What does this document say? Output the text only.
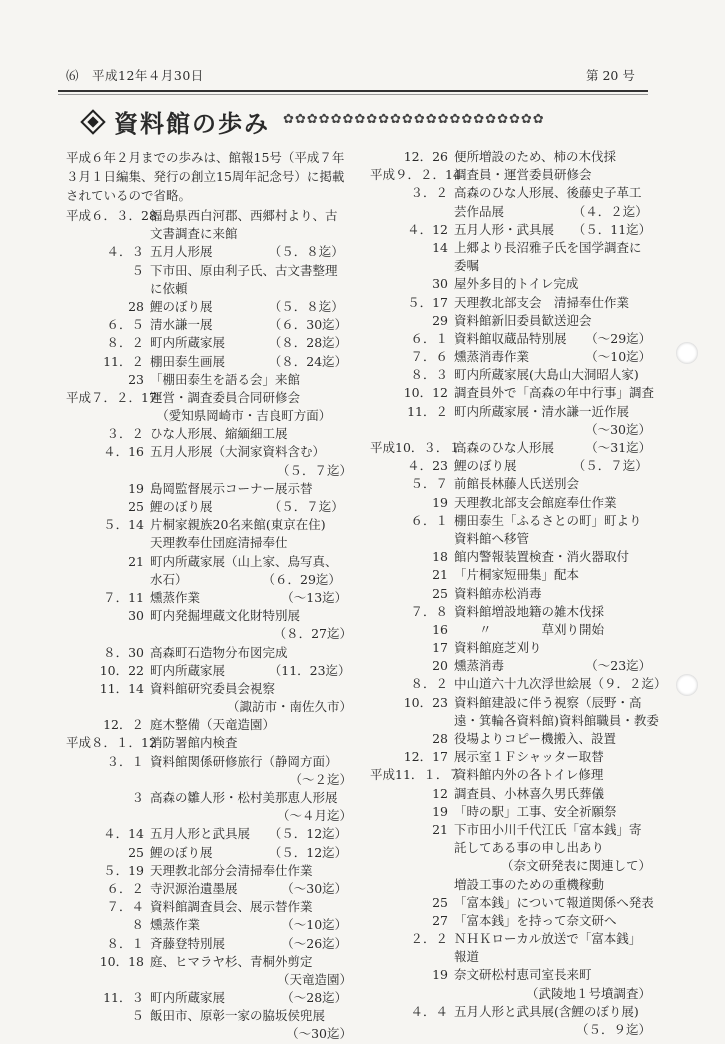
⑹　平成12年４月30日	第 20 号
資料館の歩み ✿✿✿✿✿✿✿✿✿✿✿✿✿✿✿✿✿✿✿✿✿✿

平成６年２月までの歩みは、館報15号（平成７年３月１日編集、発行の創立15周年記念号）に掲載されているので省略。

平成６．３．28
福島県西白河郡、西郷村より、古
文書調査に来館
４．３ 五月人形展　　　　　（５．８迄）
５ 下市田、原由利子氏、古文書整理
に依頼
28 鯉のぼり展　　　　　（５．８迄）
６．５ 清水謙一展　　　　　（６．30迄）
８．２ 町内所蔵家展　　　　（８．28迄）
11．２ 棚田泰生画展　　　　（８．24迄）
23 「棚田泰生を語る会」来館
平成７．２．17
運営・調査委員合同研修会
　（愛知県岡崎市・吉良町方面）
３．２ ひな人形展、縮緬細工展
４．16 五月人形展（大洞家資料含む）
（５．７迄）
19 島岡監督展示コーナー展示替
25 鯉のぼり展　　　　　（５．７迄）
５．14 片桐家親族20名来館(東京在住)
天理教奉仕団庭清掃奉仕
21 町内所蔵家展（山上家、鳥写真、
水石）　　　　　　　（６．29迄）
７．11 燻蒸作業　　　　　　　（～13迄）
30 町内発掘埋蔵文化財特別展
（８．27迄）
８．30 高森町石造物分布図完成
10．22 町内所蔵家展　　　　（11．23迄）
11．14 資料館研究委員会視察
（諏訪市・南佐久市）
12．２ 庭木整備（天竜造園）
平成８．１．12
消防署館内検査
３．１ 資料館関係研修旅行（静岡方面）
（～２迄）
３ 高森の雛人形・松村美那恵人形展
（～４月迄）
４．14 五月人形と武具展　　（５．12迄）
25 鯉のぼり展　　　　　（５．12迄）
５．19 天理教北部分会清掃奉仕作業
６．２ 寺沢源治遺墨展　　　　（～30迄）
７．４ 資料館調査員会、展示替作業
８ 燻蒸作業　　　　　　　（～10迄）
８．１ 斉藤登特別展　　　　　（～26迄）
10．18 庭、ヒマラヤ杉、青桐外剪定
（天竜造園）
11．３ 町内所蔵家展　　　　　（～28迄）
５ 飯田市、原彰一家の脇坂侯兜展
（～30迄）
12．26 便所増設のため、柿の木伐採
平成９．２．14
調査員・運営委員研修会
３．２ 高森のひな人形展、後藤史子革工
芸作品展　　　　　　（４．２迄）
４．12 五月人形・武具展　　（５．11迄）
14 上郷より長沼雅子氏を国学調査に
委嘱
30 屋外多目的トイレ完成
５．17 天理教北部支会　清掃奉仕作業
29 資料館新旧委員歓送迎会
６．１ 資料館収蔵品特別展　　（～29迄）
７．６ 燻蒸消毒作業　　　　　（～10迄）
８．３ 町内所蔵家展(大島山大洞昭人家)
10．12 調査員外で「高森の年中行事」調査
11．２ 町内所蔵家展・清水謙一近作展
（～30迄）
平成10．３．１
高森のひな人形展　　　（～31迄）
４．23 鯉のぼり展　　　　　（５．７迄）
５．７ 前館長林藤人氏送別会
19 天理教北部支会館庭奉仕作業
６．１ 棚田泰生「ふるさとの町」町より
資料館へ移管
18 館内警報装置検査・消火器取付
21 「片桐家短冊集」配本
25 資料館赤松消毒
７．８ 資料館増設地籍の雑木伐採
16 　　〃　　　　草刈り開始
17 資料館庭芝刈り
20 燻蒸消毒　　　　　　　（～23迄）
８．２ 中山道六十九次浮世絵展（９．２迄）
10．23 資料館建設に伴う視察（辰野・高
遠・箕輪各資料館)資料館職員・教委
28 役場よりコピー機搬入、設置
12．17 展示室１Ｆシャッター取替
平成11．１．７
資料館内外の各トイレ修理
12 調査員、小林喜久男氏葬儀
19 「時の駅」工事、安全祈願祭
21 下市田小川千代江氏「富本銭」寄
託してある事の申し出あり
（奈文研発表に関連して）
増設工事のための重機稼動
25 「富本銭」について報道関係へ発表
27 「富本銭」を持って奈文研へ
２．２ ＮＨＫローカル放送で「富本銭」
報道
19 奈文研松村恵司室長来町
（武陵地１号墳調査）
４．４ 五月人形と武具展(含鯉のぼり展)
（５．９迄）
